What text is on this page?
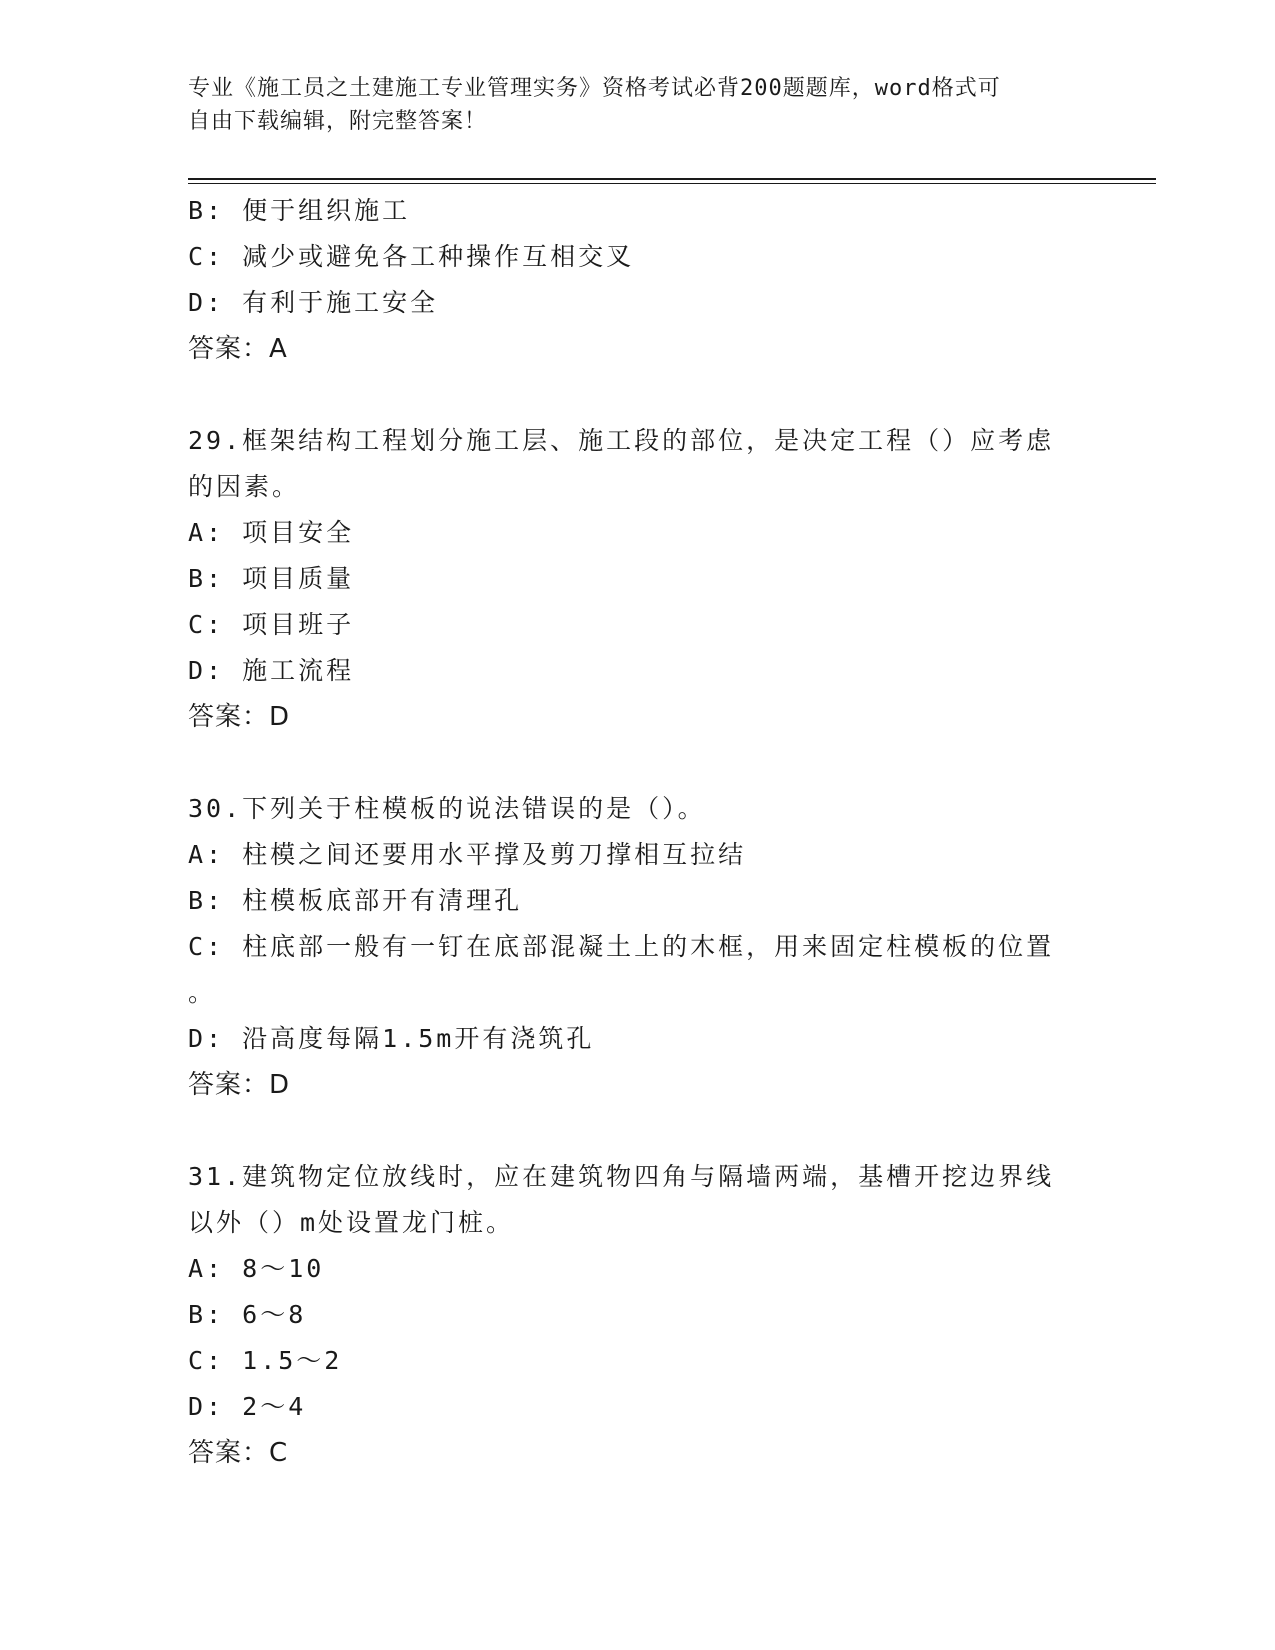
专业《施工员之土建施工专业管理实务》资格考试必背200题题库，word格式可
自由下载编辑，附完整答案！
B: 便于组织施工
C: 减少或避免各工种操作互相交叉
D: 有利于施工安全
答案：A
29.框架结构工程划分施工层、施工段的部位，是决定工程（）应考虑
的因素。
A: 项目安全
B: 项目质量
C: 项目班子
D: 施工流程
答案：D
30.下列关于柱模板的说法错误的是（）。
A: 柱模之间还要用水平撑及剪刀撑相互拉结
B: 柱模板底部开有清理孔
C: 柱底部一般有一钉在底部混凝土上的木框，用来固定柱模板的位置
。
D: 沿高度每隔1.5m开有浇筑孔
答案：D
31.建筑物定位放线时，应在建筑物四角与隔墙两端，基槽开挖边界线
以外（）m处设置龙门桩。
A: 8～10
B: 6～8
C: 1.5～2
D: 2～4
答案：C
